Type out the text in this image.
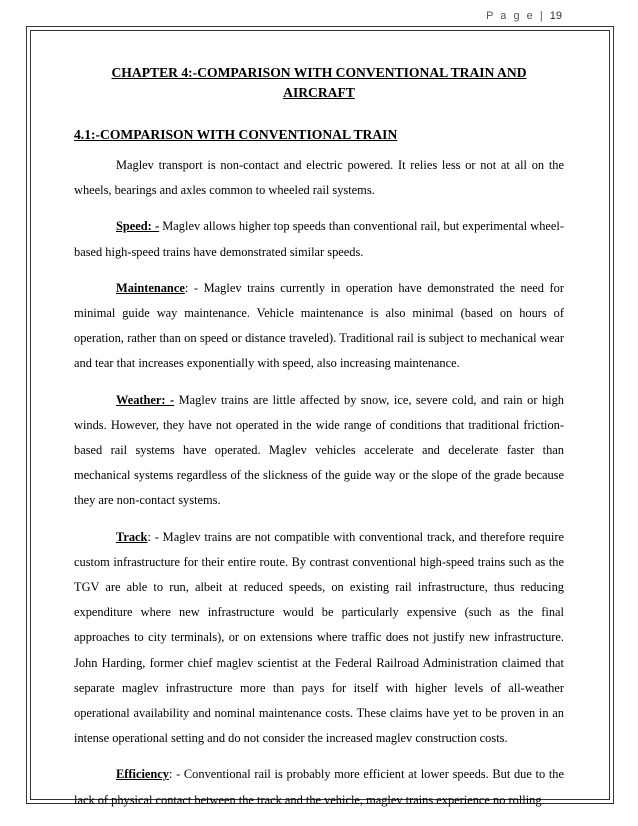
P a g e | 19
CHAPTER 4:-COMPARISON WITH CONVENTIONAL TRAIN AND AIRCRAFT
4.1:-COMPARISON WITH CONVENTIONAL TRAIN

Maglev transport is non-contact and electric powered. It relies less or not at all on the wheels, bearings and axles common to wheeled rail systems.

Speed: - Maglev allows higher top speeds than conventional rail, but experimental wheel-based high-speed trains have demonstrated similar speeds.

Maintenance: - Maglev trains currently in operation have demonstrated the need for minimal guide way maintenance. Vehicle maintenance is also minimal (based on hours of operation, rather than on speed or distance traveled). Traditional rail is subject to mechanical wear and tear that increases exponentially with speed, also increasing maintenance.

Weather: - Maglev trains are little affected by snow, ice, severe cold, and rain or high winds. However, they have not operated in the wide range of conditions that traditional friction-based rail systems have operated. Maglev vehicles accelerate and decelerate faster than mechanical systems regardless of the slickness of the guide way or the slope of the grade because they are non-contact systems.

Track: - Maglev trains are not compatible with conventional track, and therefore require custom infrastructure for their entire route. By contrast conventional high-speed trains such as the TGV are able to run, albeit at reduced speeds, on existing rail infrastructure, thus reducing expenditure where new infrastructure would be particularly expensive (such as the final approaches to city terminals), or on extensions where traffic does not justify new infrastructure. John Harding, former chief maglev scientist at the Federal Railroad Administration claimed that separate maglev infrastructure more than pays for itself with higher levels of all-weather operational availability and nominal maintenance costs. These claims have yet to be proven in an intense operational setting and do not consider the increased maglev construction costs.

Efficiency: - Conventional rail is probably more efficient at lower speeds. But due to the lack of physical contact between the track and the vehicle, maglev trains experience no rolling
